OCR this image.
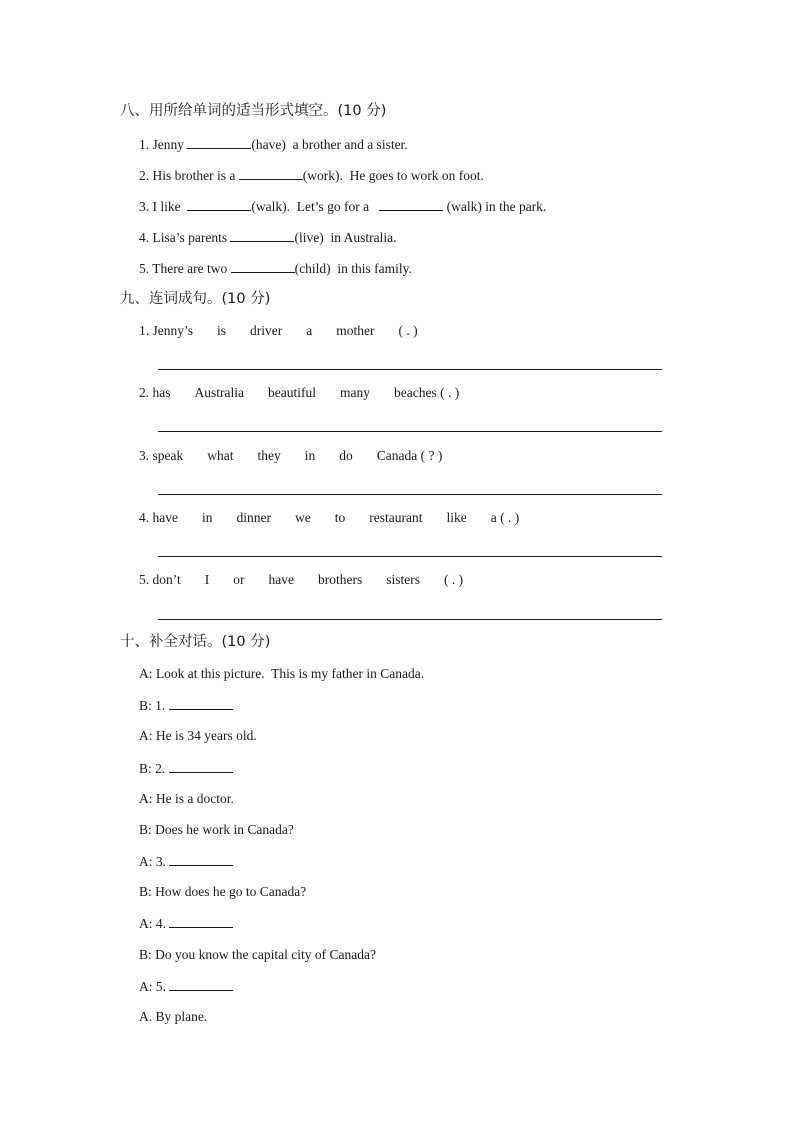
八、用所给单词的适当形式填空。(10 分)
1. Jenny	(have)  a brother and a sister.
2. His brother is a	(work).  He goes to work on foot.
3. I like	(walk).  Let’s go for a	(walk) in the park.
4. Lisa’s parents	(live)  in Australia.
5. There are two	(child)  in this family.
九、连词成句。(10 分)
1. Jenny’s is driver a mother ( . )
2. has Australia beautiful many beaches ( . )
3. speak what they in do Canada ( ? )
4. have in dinner we to restaurant like a ( . )
5. don’t I or have brothers sisters ( . )
十、补全对话。(10 分)
A: Look at this picture.  This is my father in Canada.
B: 1.
A: He is 34 years old.
B: 2.
A: He is a doctor.
B: Does he work in Canada?
A: 3.
B: How does he go to Canada?
A: 4.
B: Do you know the capital city of Canada?
A: 5.
A. By plane.
